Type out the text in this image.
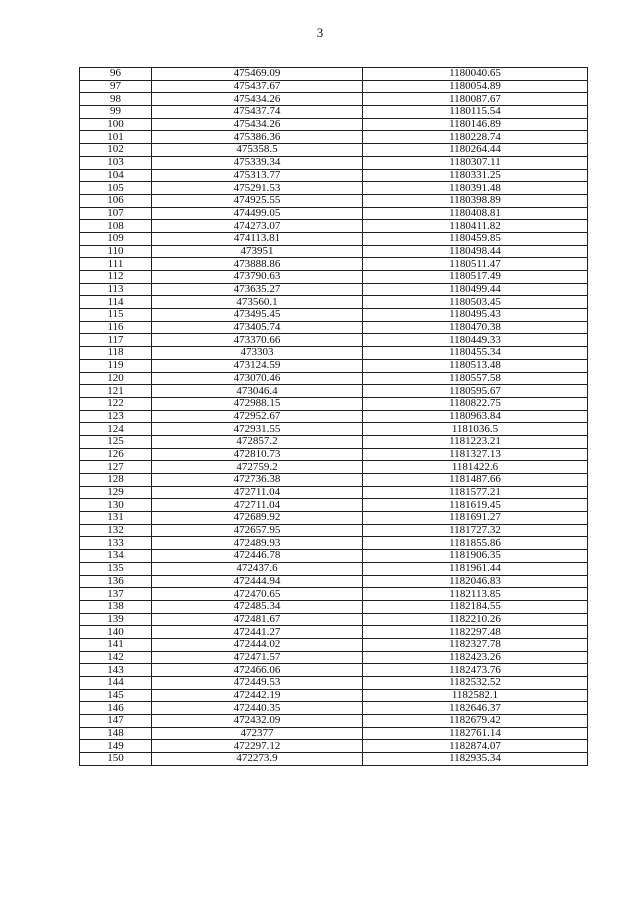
3
96	475469.09	1180040.65
97	475437.67	1180054.89
98	475434.26	1180087.67
99	475437.74	1180115.54
100	475434.26	1180146.89
101	475386.36	1180228.74
102	475358.5	1180264.44
103	475339.34	1180307.11
104	475313.77	1180331.25
105	475291.53	1180391.48
106	474925.55	1180398.89
107	474499.05	1180408.81
108	474273.07	1180411.82
109	474113.81	1180459.85
110	473951	1180498.44
111	473888.86	1180511.47
112	473790.63	1180517.49
113	473635.27	1180499.44
114	473560.1	1180503.45
115	473495.45	1180495.43
116	473405.74	1180470.38
117	473370.66	1180449.33
118	473303	1180455.34
119	473124.59	1180513.48
120	473070.46	1180557.58
121	473046.4	1180595.67
122	472988.15	1180822.75
123	472952.67	1180963.84
124	472931.55	1181036.5
125	472857.2	1181223.21
126	472810.73	1181327.13
127	472759.2	1181422.6
128	472736.38	1181487.66
129	472711.04	1181577.21
130	472711.04	1181619.45
131	472689.92	1181691.27
132	472657.95	1181727.32
133	472489.93	1181855.86
134	472446.78	1181906.35
135	472437.6	1181961.44
136	472444.94	1182046.83
137	472470.65	1182113.85
138	472485.34	1182184.55
139	472481.67	1182210.26
140	472441.27	1182297.48
141	472444.02	1182327.78
142	472471.57	1182423.26
143	472466.06	1182473.76
144	472449.53	1182532.52
145	472442.19	1182582.1
146	472440.35	1182646.37
147	472432.09	1182679.42
148	472377	1182761.14
149	472297.12	1182874.07
150	472273.9	1182935.34
